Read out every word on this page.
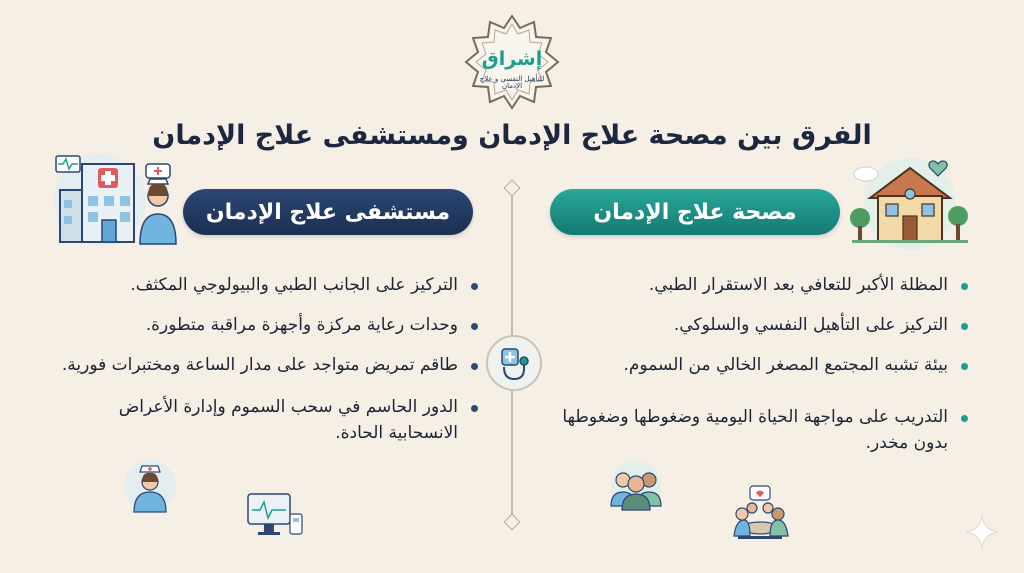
إشراق
للتأهيل النفسي و علاج الإدمان
الفرق بين مصحة علاج الإدمان ومستشفى علاج الإدمان
مصحة علاج الإدمان
مستشفى علاج الإدمان
المظلة الأكبر للتعافي بعد الاستقرار الطبي.
التركيز على التأهيل النفسي والسلوكي.
بيئة تشبه المجتمع المصغر الخالي من السموم.
التدريب على مواجهة الحياة اليومية وضغوطها وضغوطها بدون مخدر.
التركيز على الجانب الطبي والبيولوجي المكثف.
وحدات رعاية مركزة وأجهزة مراقبة متطورة.
طاقم تمريض متواجد على مدار الساعة ومختبرات فورية.
الدور الحاسم في سحب السموم وإدارة الأعراض الانسحابية الحادة.
